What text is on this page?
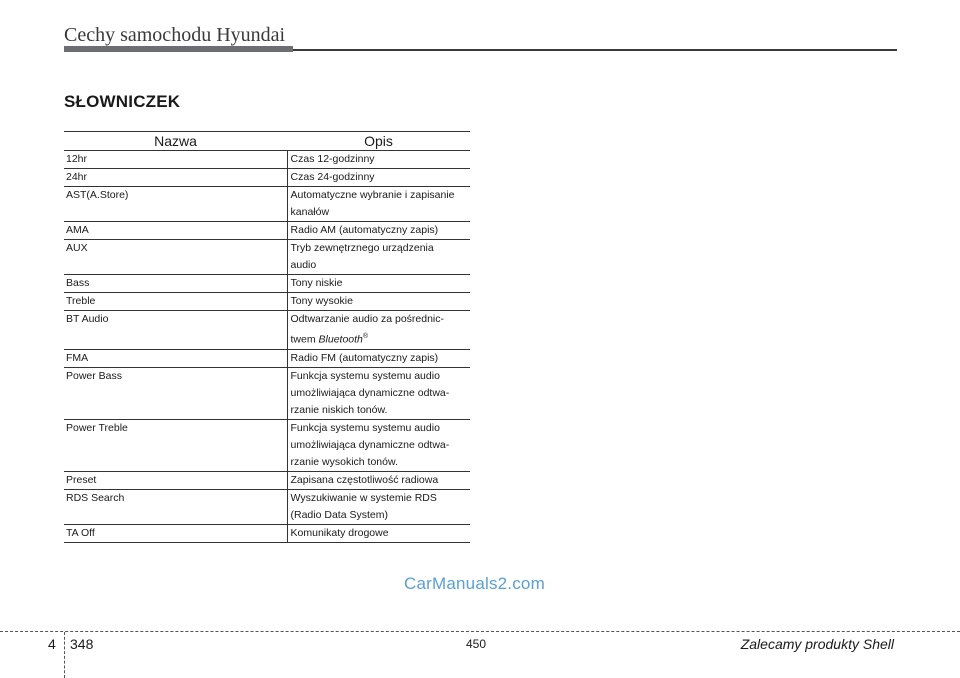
Cechy samochodu Hyundai
SŁOWNICZEK
Nazwa		Opis
12hr		Czas 12-godzinny

24hr		Czas 24-godzinny

AST(A.Store)		Automatyczne wybranie i zapisanie
kanałów

AMA		Radio AM (automatyczny zapis)

AUX		Tryb zewnętrznego urządzenia
audio

Bass		Tony niskie

Treble		Tony wysokie

BT Audio		Odtwarzanie audio za pośrednic-
twem Bluetooth®

FMA		Radio FM (automatyczny zapis)

Power Bass		Funkcja systemu systemu audio
umożliwiająca dynamiczne odtwa-
rzanie niskich tonów.

Power Treble		Funkcja systemu systemu audio
umożliwiająca dynamiczne odtwa-
rzanie wysokich tonów.

Preset		Zapisana częstotliwość radiowa

RDS Search		Wyszukiwanie w systemie RDS
(Radio Data System)

TA Off		Komunikaty drogowe
CarManuals2.com
4 348	450	Zalecamy produkty Shell
